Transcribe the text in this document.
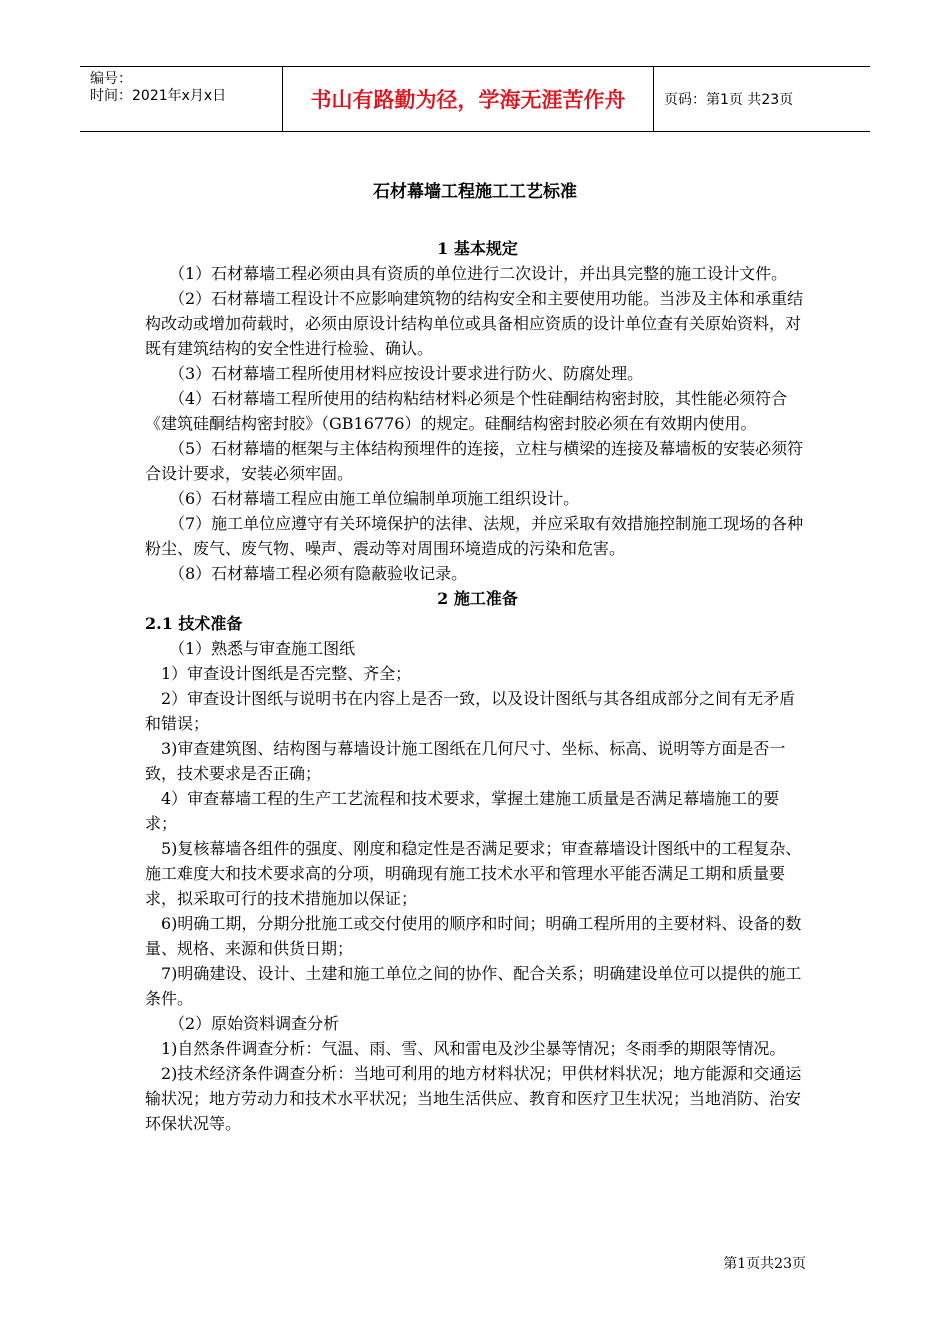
编号：
时间：2021年x月x日	书山有路勤为径，学海无涯苦作舟	页码：第1页 共23页
石材幕墙工程施工工艺标准

1 基本规定

（1）石材幕墙工程必须由具有资质的单位进行二次设计，并出具完整的施工设计文件。

（2）石材幕墙工程设计不应影响建筑物的结构安全和主要使用功能。当涉及主体和承重结构改动或增加荷载时，必须由原设计结构单位或具备相应资质的设计单位查有关原始资料，对既有建筑结构的安全性进行检验、确认。

（3）石材幕墙工程所使用材料应按设计要求进行防火、防腐处理。

（4）石材幕墙工程所使用的结构粘结材料必须是个性硅酮结构密封胶，其性能必须符合《建筑硅酮结构密封胶》（GB16776）的规定。硅酮结构密封胶必须在有效期内使用。

（5）石材幕墙的框架与主体结构预埋件的连接，立柱与横梁的连接及幕墙板的安装必须符合设计要求，安装必须牢固。

（6）石材幕墙工程应由施工单位编制单项施工组织设计。

（7）施工单位应遵守有关环境保护的法律、法规，并应采取有效措施控制施工现场的各种粉尘、废气、废气物、噪声、震动等对周围环境造成的污染和危害。

（8）石材幕墙工程必须有隐蔽验收记录。

2 施工准备

2.1 技术准备

（1）熟悉与审查施工图纸

1）审查设计图纸是否完整、齐全；

2）审查设计图纸与说明书在内容上是否一致，以及设计图纸与其各组成部分之间有无矛盾和错误；

3)审查建筑图、结构图与幕墙设计施工图纸在几何尺寸、坐标、标高、说明等方面是否一致，技术要求是否正确；

4）审查幕墙工程的生产工艺流程和技术要求，掌握土建施工质量是否满足幕墙施工的要求；

5)复核幕墙各组件的强度、刚度和稳定性是否满足要求；审查幕墙设计图纸中的工程复杂、施工难度大和技术要求高的分项，明确现有施工技术水平和管理水平能否满足工期和质量要求，拟采取可行的技术措施加以保证；

6)明确工期，分期分批施工或交付使用的顺序和时间；明确工程所用的主要材料、设备的数量、规格、来源和供货日期；

7)明确建设、设计、土建和施工单位之间的协作、配合关系；明确建设单位可以提供的施工条件。

（2）原始资料调查分析

1)自然条件调查分析：气温、雨、雪、风和雷电及沙尘暴等情况；冬雨季的期限等情况。

2)技术经济条件调查分析：当地可利用的地方材料状况；甲供材料状况；地方能源和交通运输状况；地方劳动力和技术水平状况；当地生活供应、教育和医疗卫生状况；当地消防、治安环保状况等。

第1页共23页
